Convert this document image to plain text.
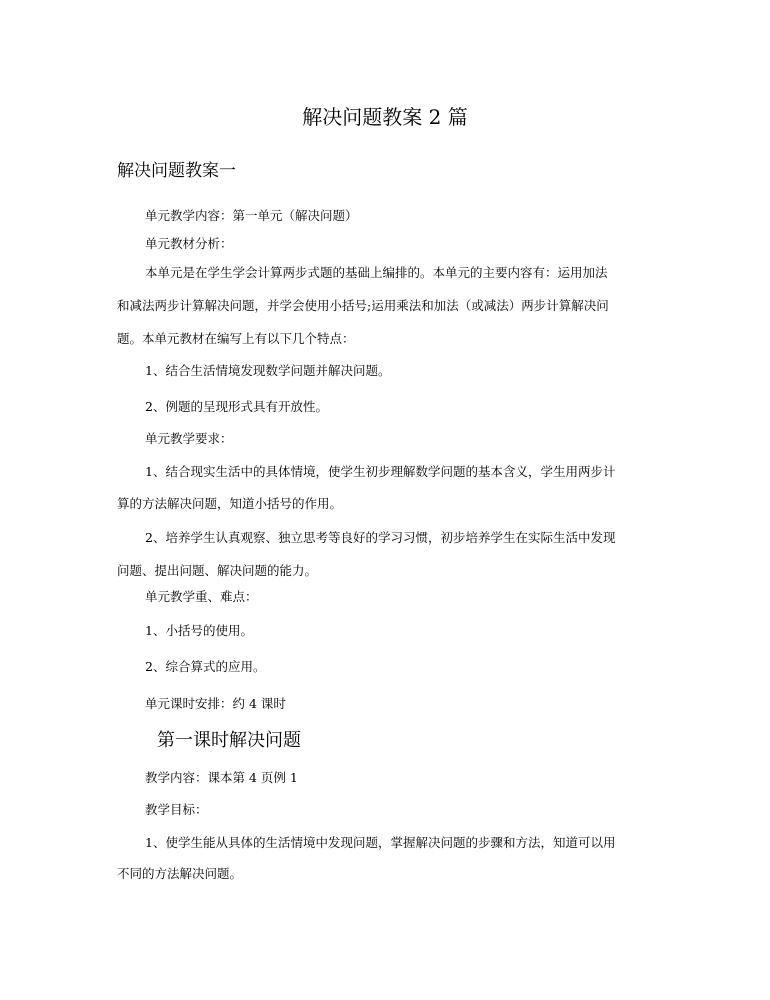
解决问题教案 2 篇
解决问题教案一
单元教学内容：第一单元（解决问题）
单元教材分析：
本单元是在学生学会计算两步式题的基础上编排的。本单元的主要内容有：运用加法
和减法两步计算解决问题，并学会使用小括号;运用乘法和加法（或减法）两步计算解决问
题。本单元教材在编写上有以下几个特点：
1、结合生活情境发现数学问题并解决问题。
2、例题的呈现形式具有开放性。
单元教学要求：
1、结合现实生活中的具体情境，使学生初步理解数学问题的基本含义，学生用两步计
算的方法解决问题，知道小括号的作用。
2、培养学生认真观察、独立思考等良好的学习习惯，初步培养学生在实际生活中发现
问题、提出问题、解决问题的能力。
单元教学重、难点：
1、小括号的使用。
2、综合算式的应用。
单元课时安排：约 4 课时
第一课时解决问题
教学内容：课本第 4 页例 1
教学目标：
1、使学生能从具体的生活情境中发现问题，掌握解决问题的步骤和方法，知道可以用
不同的方法解决问题。
